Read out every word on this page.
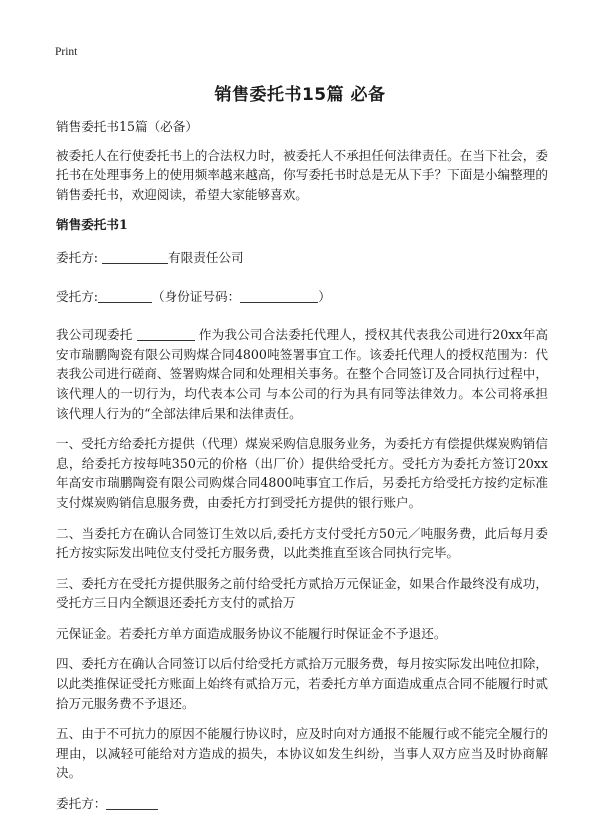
Print
销售委托书15篇 必备

销售委托书15篇（必备）

被委托人在行使委托书上的合法权力时，被委托人不承担任何法律责任。在当下社会，委托书在处理事务上的使用频率越来越高，你写委托书时总是无从下手？下面是小编整理的销售委托书，欢迎阅读，希望大家能够喜欢。

销售委托书1

委托方:	有限责任公司

受托方:	（身份证号码：	）

我公司现委托	作为我公司合法委托代理人，授权其代表我公司进行20xx年高安市瑞鹏陶瓷有限公司购煤合同4800吨签署事宜工作。该委托代理人的授权范围为：代表我公司进行磋商、签署购煤合同和处理相关事务。在整个合同签订及合同执行过程中，该代理人的一切行为，均代表本公司 与本公司的行为具有同等法律效力。本公司将承担该代理人行为的“全部法律后果和法律责任。

一、受托方给委托方提供（代理）煤炭采购信息服务业务，为委托方有偿提供煤炭购销信息，给委托方按每吨350元的价格（出厂价）提供给受托方。受托方为委托方签订20xx年高安市瑞鹏陶瓷有限公司购煤合同4800吨事宜工作后，另委托方给受托方按约定标准支付煤炭购销信息服务费，由委托方打到受托方提供的银行账户。

二、当委托方在确认合同签订生效以后,委托方支付受托方50元／吨服务费，此后每月委托方按实际发出吨位支付受托方服务费，以此类推直至该合同执行完毕。

三、委托方在受托方提供服务之前付给受托方贰拾万元保证金，如果合作最终没有成功，受托方三日内全额退还委托方支付的贰拾万

元保证金。若委托方单方面造成服务协议不能履行时保证金不予退还。

四、委托方在确认合同签订以后付给受托方贰拾万元服务费，每月按实际发出吨位扣除，以此类推保证受托方账面上始终有贰拾万元，若委托方单方面造成重点合同不能履行时贰拾万元服务费不予退还。

五、由于不可抗力的原因不能履行协议时，应及时向对方通报不能履行或不能完全履行的理由，以减轻可能给对方造成的损失，本协议如发生纠纷，当事人双方应当及时协商解决。

委托方：
